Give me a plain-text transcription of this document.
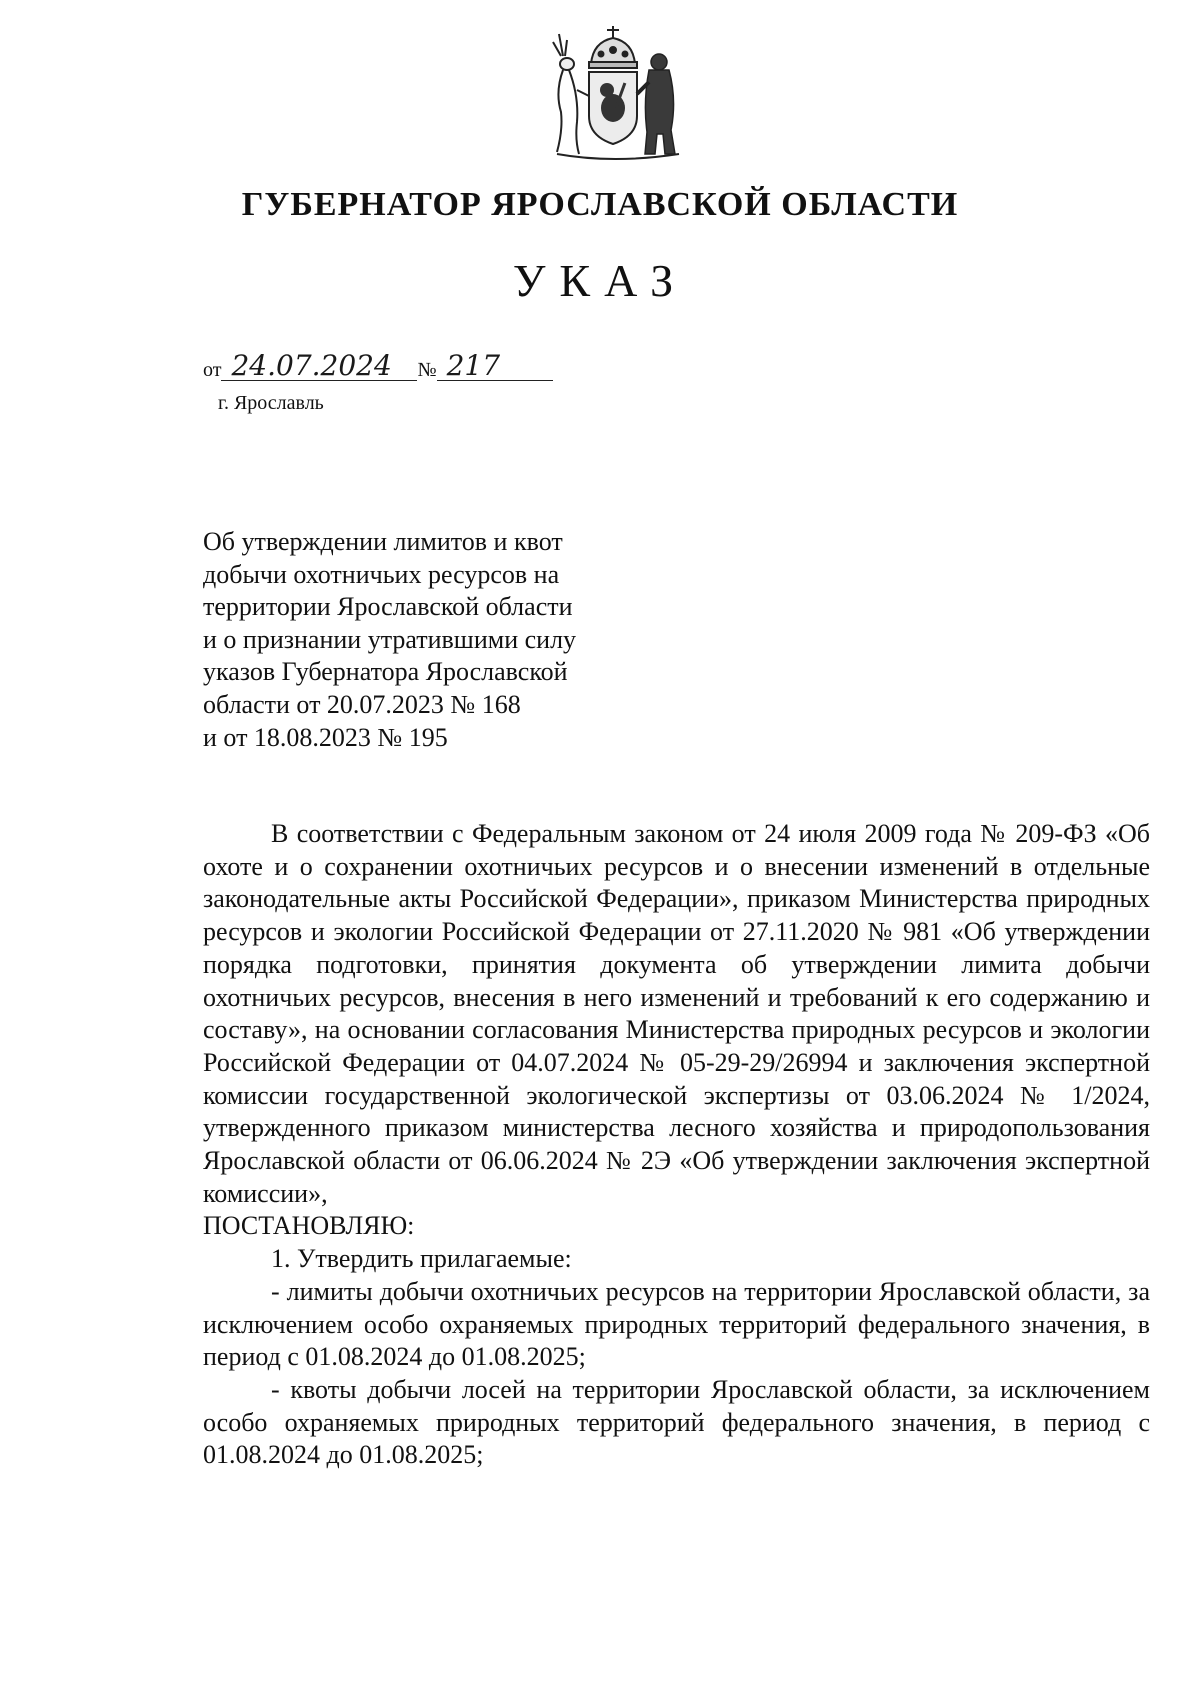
ГУБЕРНАТОР ЯРОСЛАВСКОЙ ОБЛАСТИ
УКАЗ
от 24.07.2024 № 217
г. Ярославль
Об утверждении лимитов и квот
добычи охотничьих ресурсов на
территории Ярославской области
и о признании утратившими силу
указов Губернатора Ярославской
области от 20.07.2023 № 168
и от 18.08.2023 № 195

В соответствии с Федеральным законом от 24 июля 2009 года № 209-ФЗ «Об охоте и о сохранении охотничьих ресурсов и о внесении изменений в отдельные законодательные акты Российской Федерации», приказом Министерства природных ресурсов и экологии Российской Федерации от 27.11.2020 № 981 «Об утверждении порядка подготовки, принятия документа об утверждении лимита добычи охотничьих ресурсов, внесения в него изменений и требований к его содержанию и составу», на основании согласования Министерства природных ресурсов и экологии Российской Федерации от 04.07.2024 № 05-29-29/26994 и заключения экспертной комиссии государственной экологической экспертизы от 03.06.2024 № 1/2024, утвержденного приказом министерства лесного хозяйства и природопользования Ярославской области от 06.06.2024 № 2Э «Об утверждении заключения экспертной комиссии»,

ПОСТАНОВЛЯЮ:

1. Утвердить прилагаемые:

- лимиты добычи охотничьих ресурсов на территории Ярославской области, за исключением особо охраняемых природных территорий федерального значения, в период с 01.08.2024 до 01.08.2025;

- квоты добычи лосей на территории Ярославской области, за исключением особо охраняемых природных территорий федерального значения, в период с 01.08.2024 до 01.08.2025;
